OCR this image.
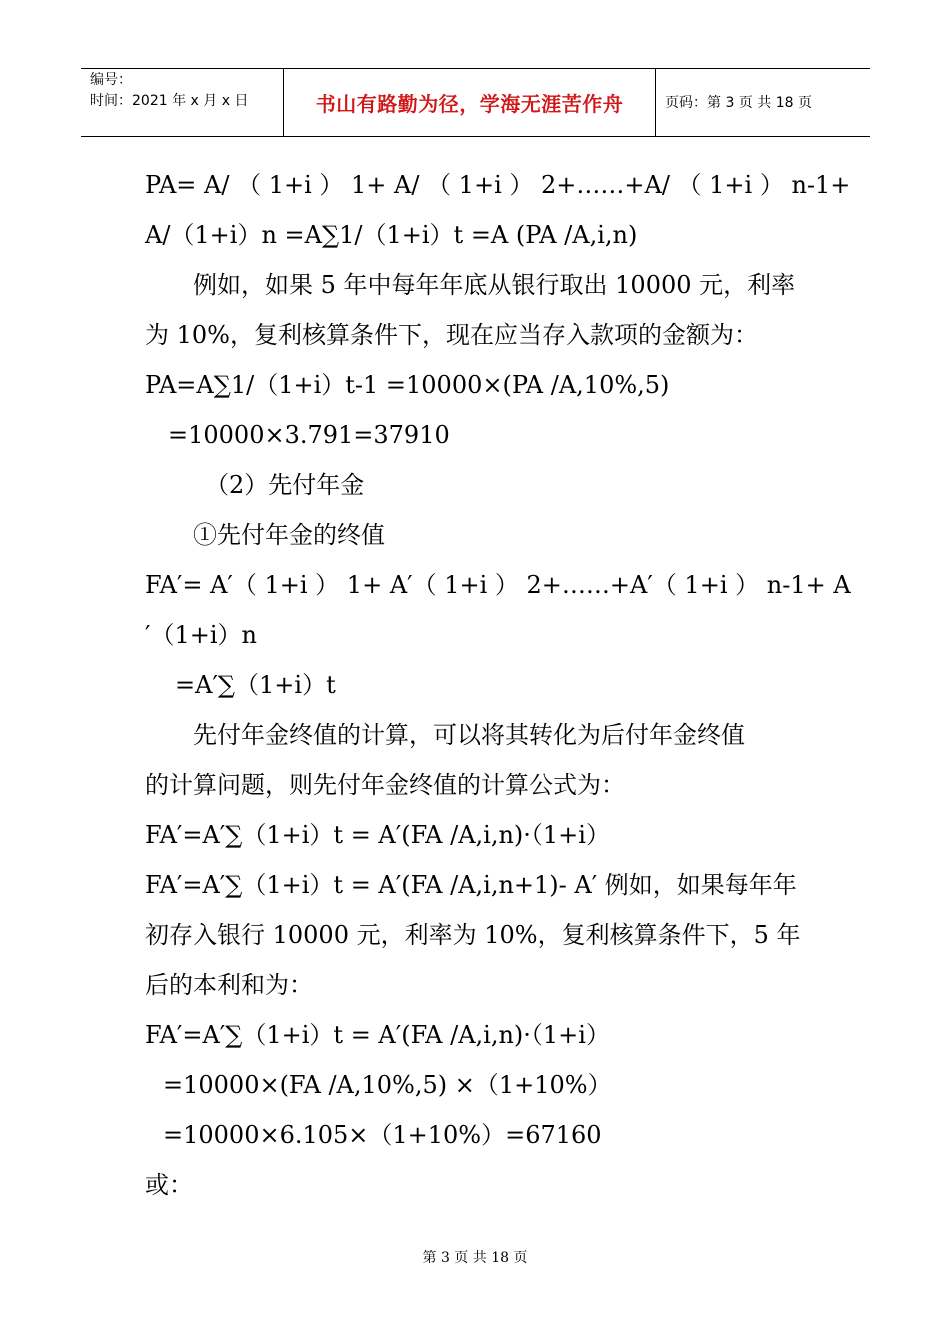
编号：
时间：2021 年 x 月 x 日	书山有路勤为径，学海无涯苦作舟	页码：第 3 页 共 18 页
PA= A/ （ 1+i ） 1+ A/ （ 1+i ） 2+……+A/ （ 1+i ） n-1+
A/（1+i）n =A∑1/（1+i）t =A (PA /A,i,n)
例如，如果 5 年中每年年底从银行取出 10000 元，利率
为 10%，复利核算条件下，现在应当存入款项的金额为：
PA=A∑1/（1+i）t-1 =10000×(PA /A,10%,5)
=10000×3.791=37910
（2）先付年金
①先付年金的终值
FA′= A′（ 1+i ） 1+ A′（ 1+i ） 2+……+A′（ 1+i ） n-1+ A
′（1+i）n
=A′∑（1+i）t
先付年金终值的计算，可以将其转化为后付年金终值
的计算问题，则先付年金终值的计算公式为：
FA′=A′∑（1+i）t = A′(FA /A,i,n)·（1+i）
FA′=A′∑（1+i）t = A′(FA /A,i,n+1)- A′ 例如，如果每年年
初存入银行 10000 元，利率为 10%，复利核算条件下，5 年
后的本利和为：
FA′=A′∑（1+i）t = A′(FA /A,i,n)·（1+i）
=10000×(FA /A,10%,5) ×（1+10%）
=10000×6.105×（1+10%）=67160
或：
第 3 页 共 18 页
